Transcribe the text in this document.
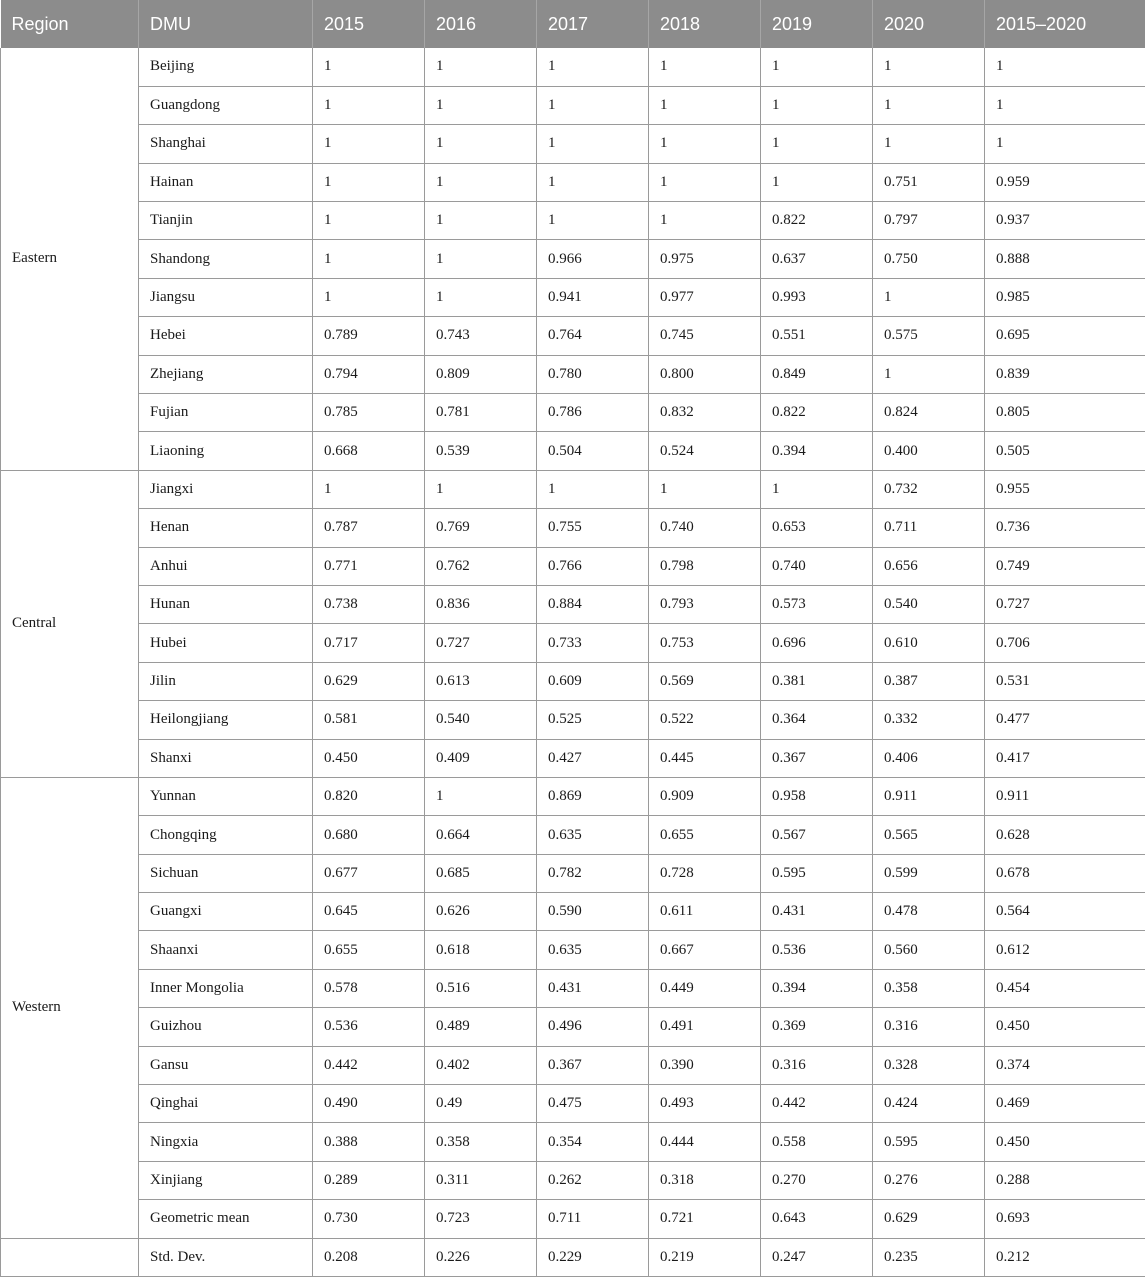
Region	DMU	2015	2016	2017	2018	2019	2020	2015–2020
Eastern	Beijing	1	1	1	1	1	1	1
	Guangdong	1	1	1	1	1	1	1
	Shanghai	1	1	1	1	1	1	1
	Hainan	1	1	1	1	1	0.751	0.959
	Tianjin	1	1	1	1	0.822	0.797	0.937
	Shandong	1	1	0.966	0.975	0.637	0.750	0.888
	Jiangsu	1	1	0.941	0.977	0.993	1	0.985
	Hebei	0.789	0.743	0.764	0.745	0.551	0.575	0.695
	Zhejiang	0.794	0.809	0.780	0.800	0.849	1	0.839
	Fujian	0.785	0.781	0.786	0.832	0.822	0.824	0.805
	Liaoning	0.668	0.539	0.504	0.524	0.394	0.400	0.505
Central	Jiangxi	1	1	1	1	1	0.732	0.955
	Henan	0.787	0.769	0.755	0.740	0.653	0.711	0.736
	Anhui	0.771	0.762	0.766	0.798	0.740	0.656	0.749
	Hunan	0.738	0.836	0.884	0.793	0.573	0.540	0.727
	Hubei	0.717	0.727	0.733	0.753	0.696	0.610	0.706
	Jilin	0.629	0.613	0.609	0.569	0.381	0.387	0.531
	Heilongjiang	0.581	0.540	0.525	0.522	0.364	0.332	0.477
	Shanxi	0.450	0.409	0.427	0.445	0.367	0.406	0.417
Western	Yunnan	0.820	1	0.869	0.909	0.958	0.911	0.911
	Chongqing	0.680	0.664	0.635	0.655	0.567	0.565	0.628
	Sichuan	0.677	0.685	0.782	0.728	0.595	0.599	0.678
	Guangxi	0.645	0.626	0.590	0.611	0.431	0.478	0.564
	Shaanxi	0.655	0.618	0.635	0.667	0.536	0.560	0.612
	Inner Mongolia	0.578	0.516	0.431	0.449	0.394	0.358	0.454
	Guizhou	0.536	0.489	0.496	0.491	0.369	0.316	0.450
	Gansu	0.442	0.402	0.367	0.390	0.316	0.328	0.374
	Qinghai	0.490	0.49	0.475	0.493	0.442	0.424	0.469
	Ningxia	0.388	0.358	0.354	0.444	0.558	0.595	0.450
	Xinjiang	0.289	0.311	0.262	0.318	0.270	0.276	0.288
	Geometric mean	0.730	0.723	0.711	0.721	0.643	0.629	0.693
	Std. Dev.	0.208	0.226	0.229	0.219	0.247	0.235	0.212
